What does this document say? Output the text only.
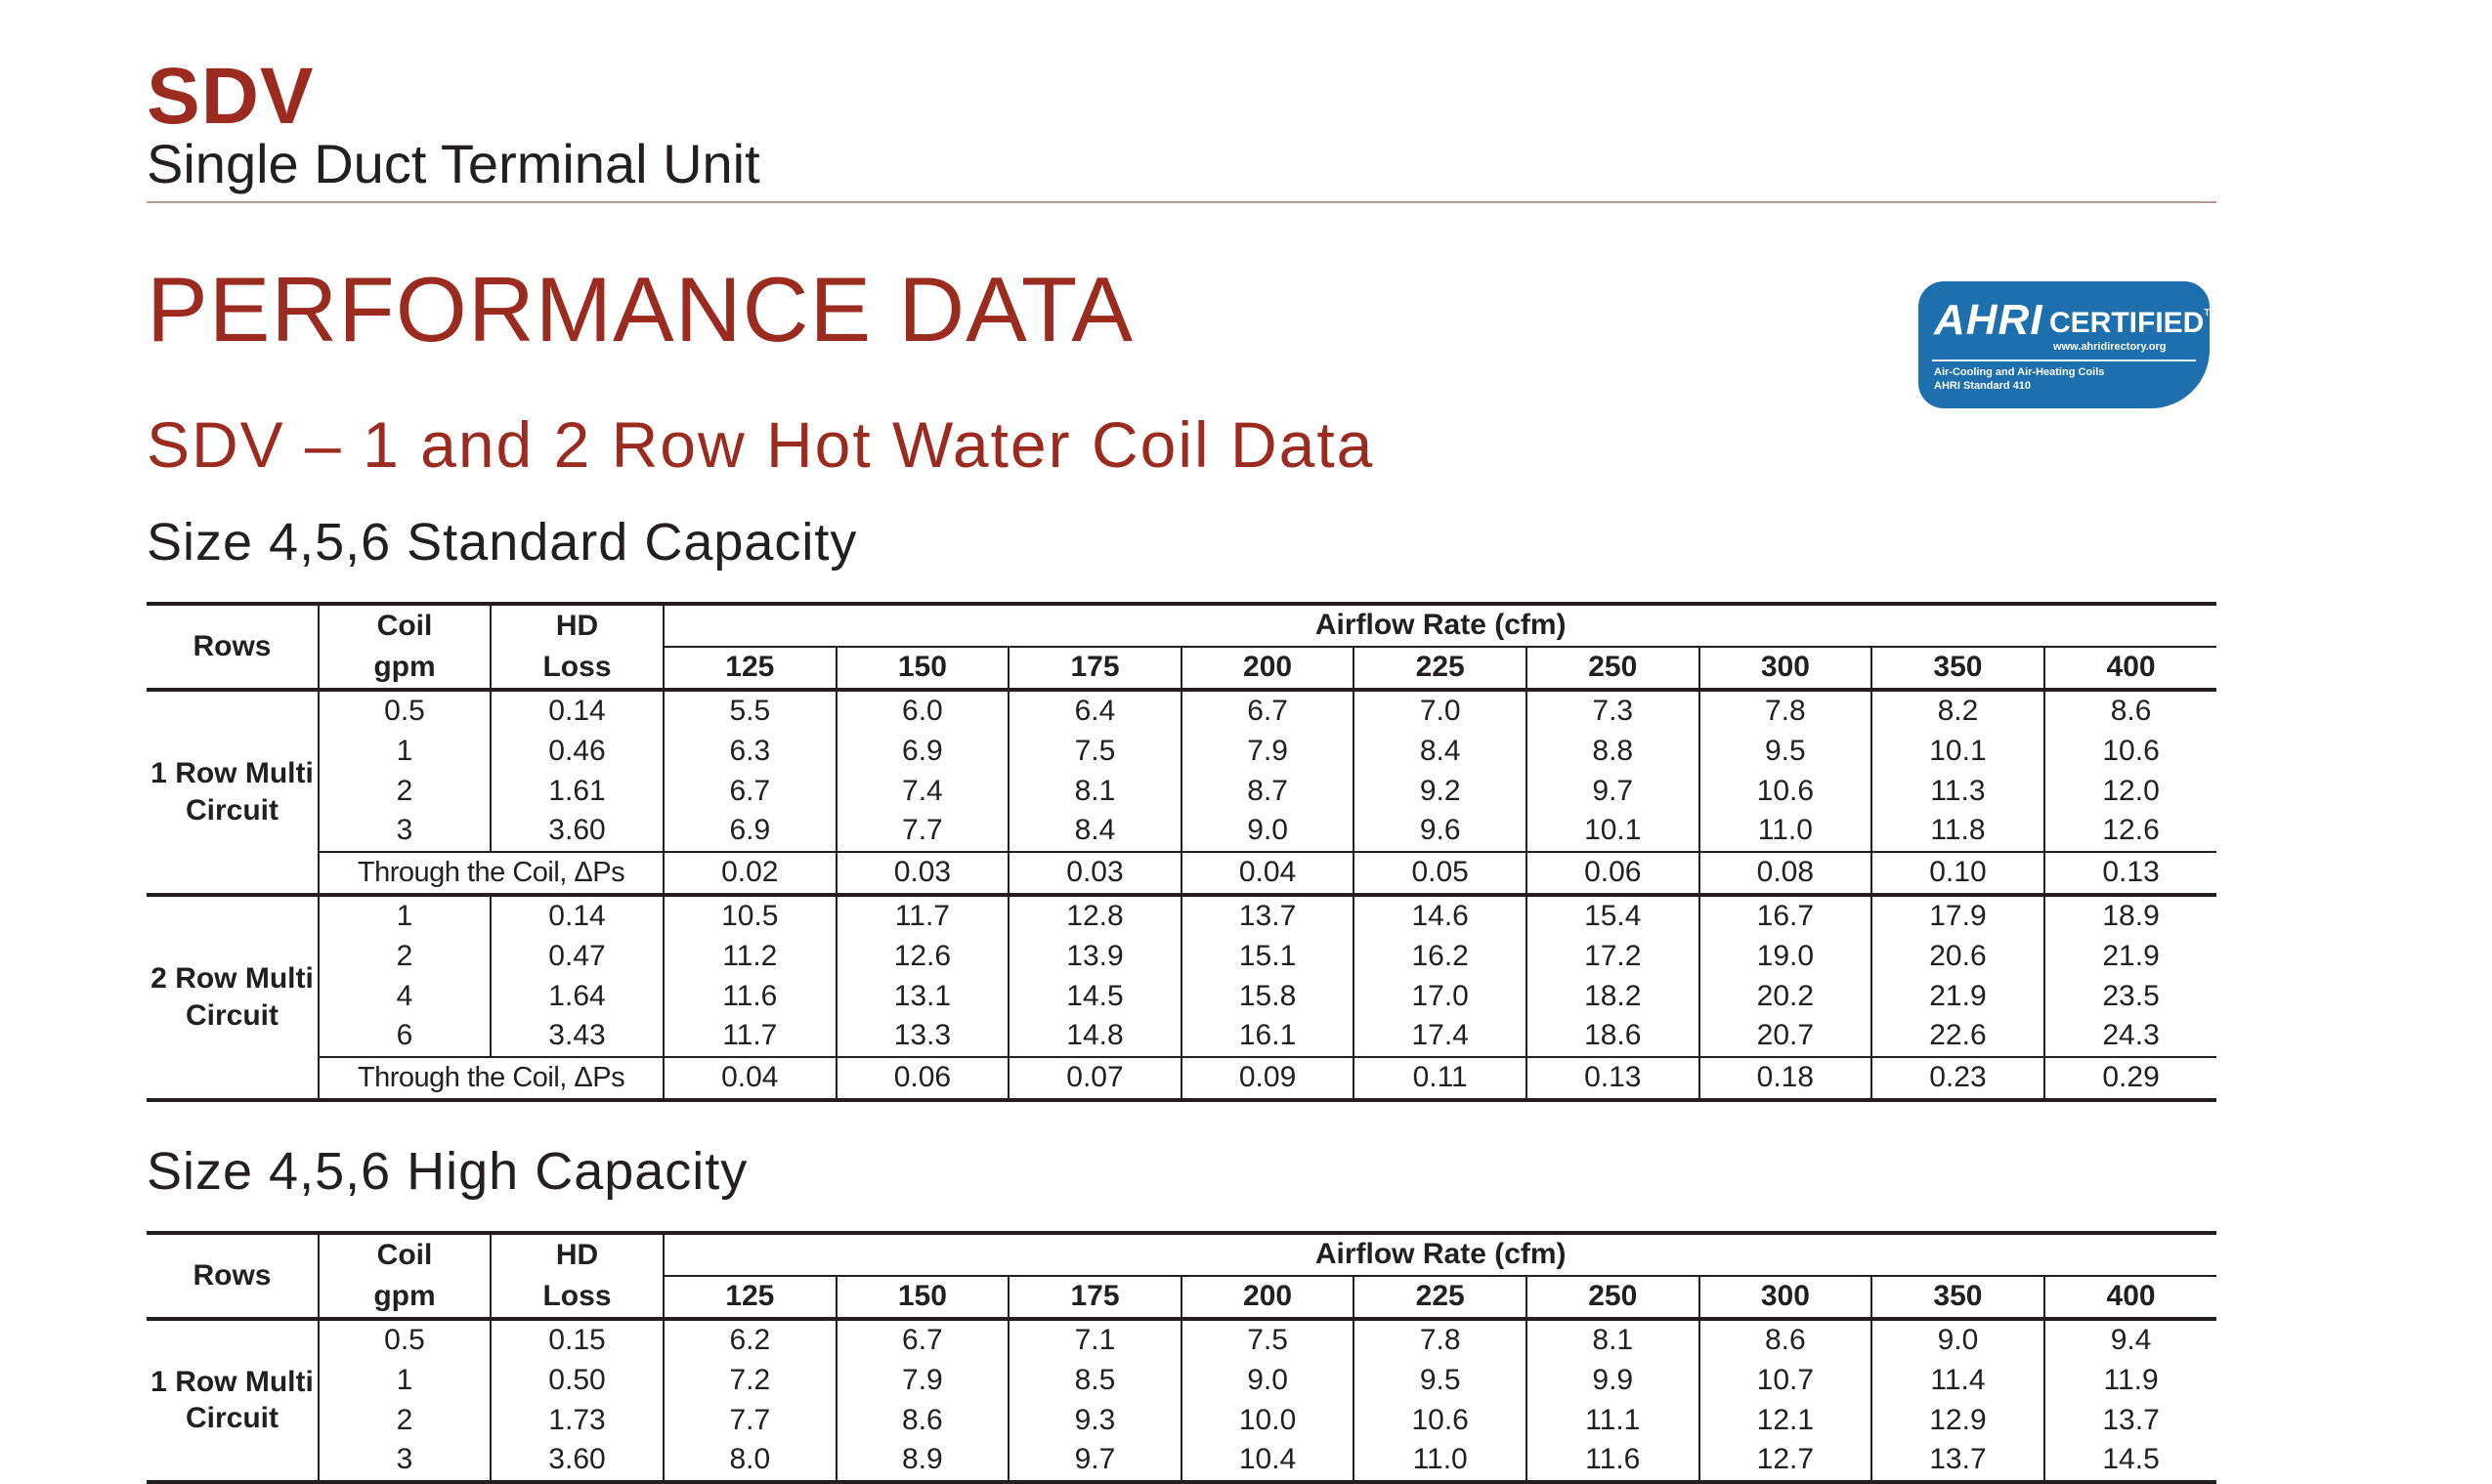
SDV
Single Duct Terminal Unit
PERFORMANCE DATA
SDV – 1 and 2 Row Hot Water Coil Data
AHRI CERTIFIED™
www.ahridirectory.org
Air-Cooling and Air-Heating Coils
AHRI Standard 410
Size 4,5,6 Standard Capacity
Rows	Coil	HD	Airflow Rate (cfm)								
	gpm	Loss	125	150	175	200	225	250	300	350	400
1 Row Multi
Circuit	0.5	0.14	5.5	6.0	6.4	6.7	7.0	7.3	7.8	8.2	8.6
	1	0.46	6.3	6.9	7.5	7.9	8.4	8.8	9.5	10.1	10.6
	2	1.61	6.7	7.4	8.1	8.7	9.2	9.7	10.6	11.3	12.0
	3	3.60	6.9	7.7	8.4	9.0	9.6	10.1	11.0	11.8	12.6
	Through the Coil, ΔPs		0.02	0.03	0.03	0.04	0.05	0.06	0.08	0.10	0.13
2 Row Multi
Circuit	1	0.14	10.5	11.7	12.8	13.7	14.6	15.4	16.7	17.9	18.9
	2	0.47	11.2	12.6	13.9	15.1	16.2	17.2	19.0	20.6	21.9
	4	1.64	11.6	13.1	14.5	15.8	17.0	18.2	20.2	21.9	23.5
	6	3.43	11.7	13.3	14.8	16.1	17.4	18.6	20.7	22.6	24.3
	Through the Coil, ΔPs		0.04	0.06	0.07	0.09	0.11	0.13	0.18	0.23	0.29
Size 4,5,6 High Capacity
Rows	Coil	HD	Airflow Rate (cfm)								
	gpm	Loss	125	150	175	200	225	250	300	350	400
1 Row Multi
Circuit	0.5	0.15	6.2	6.7	7.1	7.5	7.8	8.1	8.6	9.0	9.4
	1	0.50	7.2	7.9	8.5	9.0	9.5	9.9	10.7	11.4	11.9
	2	1.73	7.7	8.6	9.3	10.0	10.6	11.1	12.1	12.9	13.7
	3	3.60	8.0	8.9	9.7	10.4	11.0	11.6	12.7	13.7	14.5
